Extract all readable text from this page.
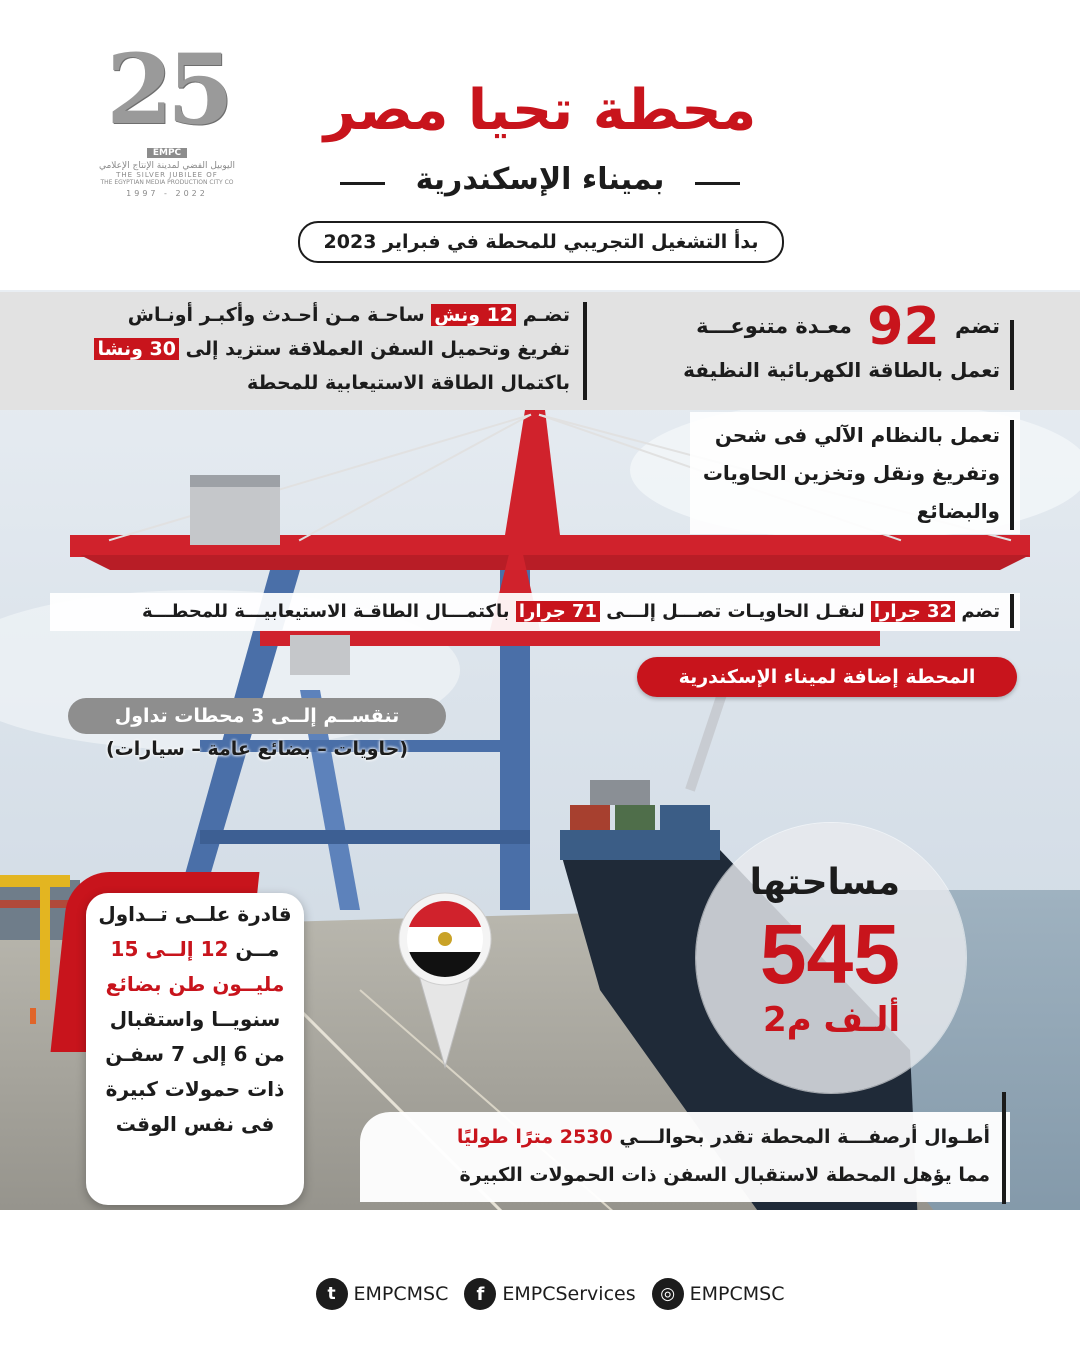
25
EMPC
اليوبيل الفضي لمدينة الإنتاج الإعلامي
THE SILVER JUBILEE OF
THE EGYPTIAN MEDIA PRODUCTION CITY CO
1997 - 2022
محطة تحيا مصر
بميناء الإسكندرية
بدأ التشغيل التجريبي للمحطة في فبراير 2023
تضم 92 معـدة متنوعـــة
تعمل بالطاقة الكهربائية النظيفة
تضـم 12 ونش ساحـة مـن أحـدث وأكبـر أونـاش
تفريغ وتحميل السفن العملاقة ستزيد إلى 30 ونشا
باكتمال الطاقة الاستيعابية للمحطة
تعمل بالنظام الآلي فى شحن
وتفريغ ونقل وتخزين الحاويات
والبضائع
تضم 32 جرارا لنقـل الحاويـات تصـــل إلـــى 71 جرارا باكتمـــال الطاقـة الاستيعابيـــة للمحطـــة
المحطة إضافة لميناء الإسكندرية
تنقســم إلــى 3 محطات تداول
(حاويات – بضائع عامة – سيارات)
مساحتها
545
ألـف م2
قادرة علــى تــداول
مــن 12 إلــى 15
مليــون طن بضائع
سنويــا واستقبال
من 6 إلى 7 سفـن
ذات حمولات كبيرة
فى نفس الوقت
أطـوال أرصفـــة المحطة تقدر بحوالـــي 2530 مترًا طوليًا
مما يؤهل المحطة لاستقبال السفن ذات الحمولات الكبيرة
t EMPCMSC	f EMPCServices	◎ EMPCMSC
